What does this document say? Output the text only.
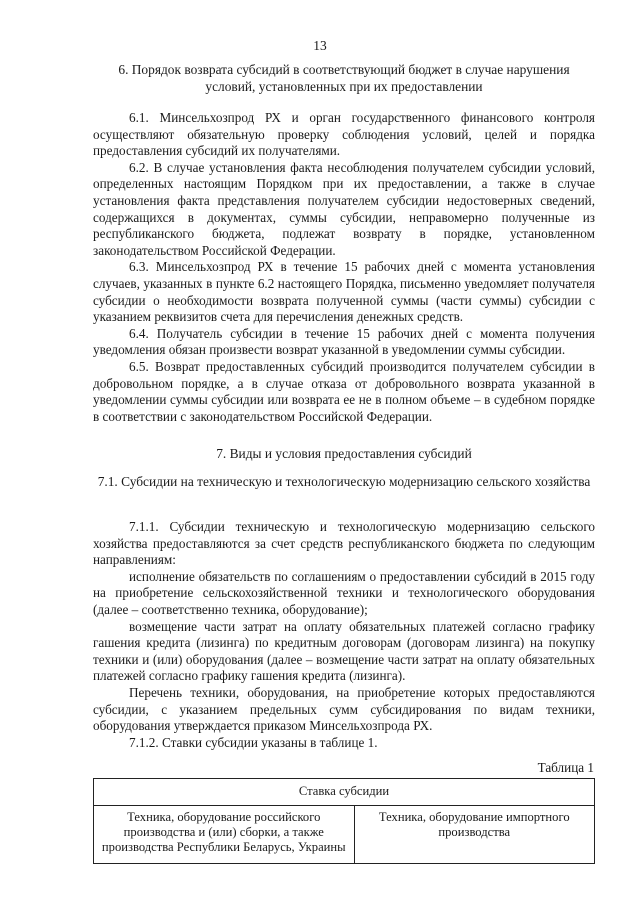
13
6. Порядок возврата субсидий в соответствующий бюджет в случае нарушения условий, установленных при их предоставлении

6.1. Минсельхозпрод РХ и орган государственного финансового контроля осуществляют обязательную проверку соблюдения условий, целей и порядка предоставления субсидий их получателями.

6.2. В случае установления факта несоблюдения получателем субсидии условий, определенных настоящим Порядком при их предоставлении, а также в случае установления факта представления получателем субсидии недостоверных сведений, содержащихся в документах, суммы субсидии, неправомерно полученные из республиканского бюджета, подлежат возврату в порядке, установленном законодательством Российской Федерации.

6.3. Минсельхозпрод РХ в течение 15 рабочих дней с момента установления случаев, указанных в пункте 6.2 настоящего Порядка, письменно уведомляет получателя субсидии о необходимости возврата полученной суммы (части суммы) субсидии с указанием реквизитов счета для перечисления денежных средств.

6.4. Получатель субсидии в течение 15 рабочих дней с момента получения уведомления обязан произвести возврат указанной в уведомлении суммы субсидии.

6.5. Возврат предоставленных субсидий производится получателем субсидии в добровольном порядке, а в случае отказа от добровольного возврата указанной в уведомлении суммы субсидии или возврата ее не в полном объеме – в судебном порядке в соответствии с законодательством Российской Федерации.

7. Виды и условия предоставления субсидий
7.1. Субсидии на техническую и технологическую модернизацию сельского хозяйства

7.1.1. Субсидии техническую и технологическую модернизацию сельского хозяйства предоставляются за счет средств республиканского бюджета по следующим направлениям:

исполнение обязательств по соглашениям о предоставлении субсидий в 2015 году на приобретение сельскохозяйственной техники и технологического оборудования (далее – соответственно техника, оборудование);

возмещение части затрат на оплату обязательных платежей согласно графику гашения кредита (лизинга) по кредитным договорам (договорам лизинга) на покупку техники и (или) оборудования (далее – возмещение части затрат на оплату обязательных платежей согласно графику гашения кредита (лизинга).

Перечень техники, оборудования, на приобретение которых предоставляются субсидии, с указанием предельных сумм субсидирования по видам техники, оборудования утверждается приказом Минсельхозпрода РХ.

7.1.2. Ставки субсидии указаны в таблице 1.

Таблица 1
Ставка субсидии
Техника, оборудование российского производства и (или) сборки, а также производства Республики Беларусь, Украины	Техника, оборудование импортного производства
